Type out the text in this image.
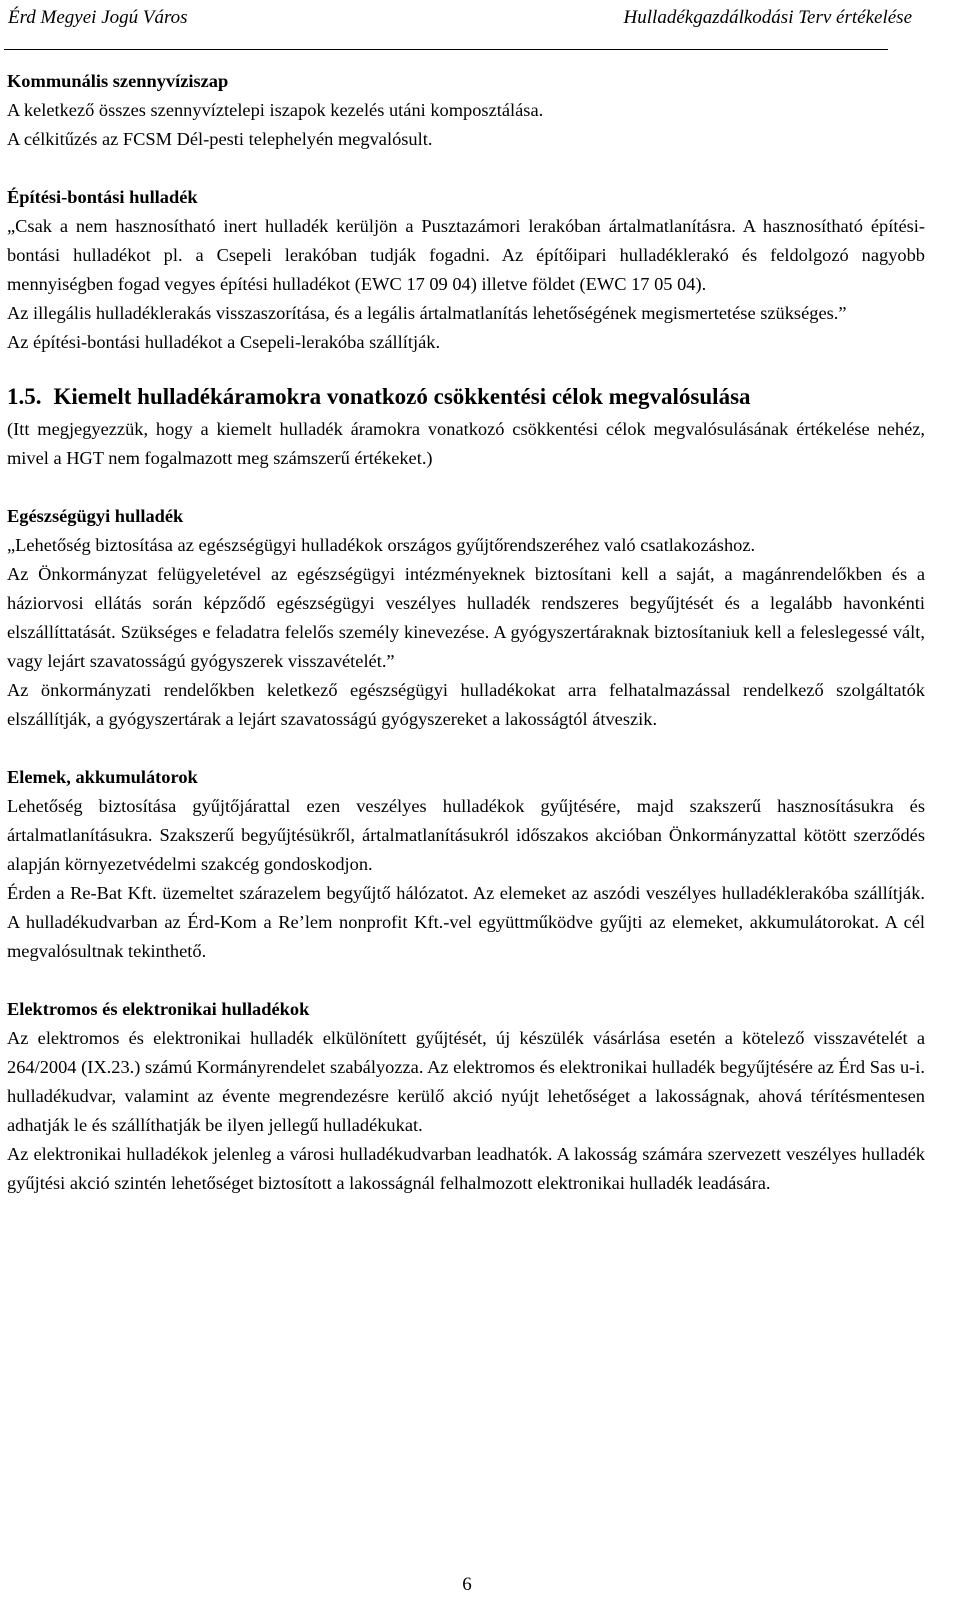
Érd Megyei Jogú Város	Hulladékgazdálkodási Terv értékelése
Kommunális szennyvíziszap

A keletkező összes szennyvíztelepi iszapok kezelés utáni komposztálása.

A célkitűzés az FCSM Dél-pesti telephelyén megvalósult.

Építési-bontási hulladék

„Csak a nem hasznosítható inert hulladék kerüljön a Pusztazámori lerakóban ártalmatlanításra. A hasznosítható építési-bontási hulladékot pl. a Csepeli lerakóban tudják fogadni. Az építőipari hulladéklerakó és feldolgozó nagyobb mennyiségben fogad vegyes építési hulladékot (EWC 17 09 04) illetve földet (EWC 17 05 04).

Az illegális hulladéklerakás visszaszorítása, és a legális ártalmatlanítás lehetőségének megismertetése szükséges.”

Az építési-bontási hulladékot a Csepeli-lerakóba szállítják.

1.5. Kiemelt hulladékáramokra vonatkozó csökkentési célok megvalósulása

(Itt megjegyezzük, hogy a kiemelt hulladék áramokra vonatkozó csökkentési célok megvalósulásának értékelése nehéz, mivel a HGT nem fogalmazott meg számszerű értékeket.)

Egészségügyi hulladék

„Lehetőség biztosítása az egészségügyi hulladékok országos gyűjtőrendszeréhez való csatlakozáshoz.

Az Önkormányzat felügyeletével az egészségügyi intézményeknek biztosítani kell a saját, a magánrendelőkben és a háziorvosi ellátás során képződő egészségügyi veszélyes hulladék rendszeres begyűjtését és a legalább havonkénti elszállíttatását. Szükséges e feladatra felelős személy kinevezése. A gyógyszertáraknak biztosítaniuk kell a feleslegessé vált, vagy lejárt szavatosságú gyógyszerek visszavételét.”

Az önkormányzati rendelőkben keletkező egészségügyi hulladékokat arra felhatalmazással rendelkező szolgáltatók elszállítják, a gyógyszertárak a lejárt szavatosságú gyógyszereket a lakosságtól átveszik.

Elemek, akkumulátorok

Lehetőség biztosítása gyűjtőjárattal ezen veszélyes hulladékok gyűjtésére, majd szakszerű hasznosításukra és ártalmatlanításukra. Szakszerű begyűjtésükről, ártalmatlanításukról időszakos akcióban Önkormányzattal kötött szerződés alapján környezetvédelmi szakcég gondoskodjon.

Érden a Re-Bat Kft. üzemeltet szárazelem begyűjtő hálózatot. Az elemeket az aszódi veszélyes hulladéklerakóba szállítják. A hulladékudvarban az Érd-Kom a Re’lem nonprofit Kft.-vel együttműködve gyűjti az elemeket, akkumulátorokat. A cél megvalósultnak tekinthető.

Elektromos és elektronikai hulladékok

Az elektromos és elektronikai hulladék elkülönített gyűjtését, új készülék vásárlása esetén a kötelező visszavételét a 264/2004 (IX.23.) számú Kormányrendelet szabályozza. Az elektromos és elektronikai hulladék begyűjtésére az Érd Sas u-i. hulladékudvar, valamint az évente megrendezésre kerülő akció nyújt lehetőséget a lakosságnak, ahová térítésmentesen adhatják le és szállíthatják be ilyen jellegű hulladékukat.

Az elektronikai hulladékok jelenleg a városi hulladékudvarban leadhatók. A lakosság számára szervezett veszélyes hulladék gyűjtési akció szintén lehetőséget biztosított a lakosságnál felhalmozott elektronikai hulladék leadására.

6
